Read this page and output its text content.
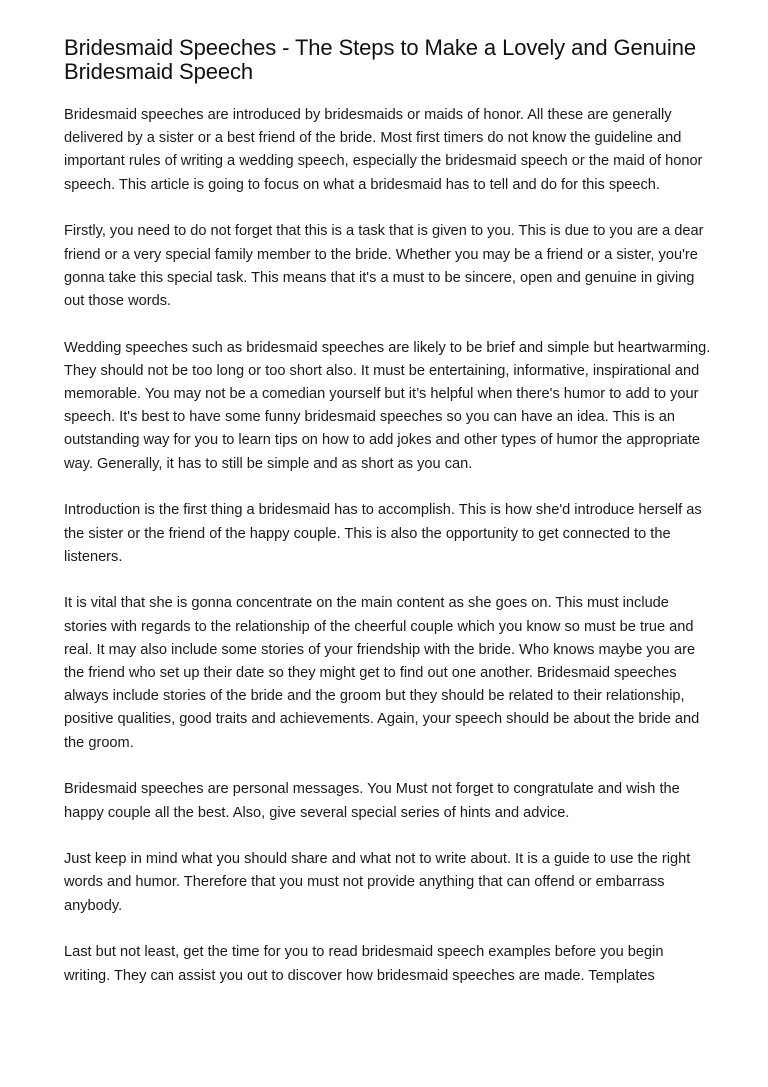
Bridesmaid Speeches - The Steps to Make a Lovely and Genuine Bridesmaid Speech

Bridesmaid speeches are introduced by bridesmaids or maids of honor. All these are generally delivered by a sister or a best friend of the bride. Most first timers do not know the guideline and important rules of writing a wedding speech, especially the bridesmaid speech or the maid of honor speech. This article is going to focus on what a bridesmaid has to tell and do for this speech.

Firstly, you need to do not forget that this is a task that is given to you. This is due to you are a dear friend or a very special family member to the bride. Whether you may be a friend or a sister, you're gonna take this special task. This means that it's a must to be sincere, open and genuine in giving out those words.

Wedding speeches such as bridesmaid speeches are likely to be brief and simple but heartwarming. They should not be too long or too short also. It must be entertaining, informative, inspirational and memorable. You may not be a comedian yourself but it’s helpful when there's humor to add to your speech. It's best to have some funny bridesmaid speeches so you can have an idea. This is an outstanding way for you to learn tips on how to add jokes and other types of humor the appropriate way. Generally, it has to still be simple and as short as you can.

Introduction is the first thing a bridesmaid has to accomplish. This is how she'd introduce herself as the sister or the friend of the happy couple. This is also the opportunity to get connected to the listeners.

It is vital that she is gonna concentrate on the main content as she goes on. This must include stories with regards to the relationship of the cheerful couple which you know so must be true and real. It may also include some stories of your friendship with the bride. Who knows maybe you are the friend who set up their date so they might get to find out one another. Bridesmaid speeches always include stories of the bride and the groom but they should be related to their relationship, positive qualities, good traits and achievements. Again, your speech should be about the bride and the groom.

Bridesmaid speeches are personal messages. You Must not forget to congratulate and wish the happy couple all the best. Also, give several special series of hints and advice.

Just keep in mind what you should share and what not to write about. It is a guide to use the right words and humor. Therefore that you must not provide anything that can offend or embarrass anybody.

Last but not least, get the time for you to read bridesmaid speech examples before you begin writing. They can assist you out to discover how bridesmaid speeches are made. Templates
